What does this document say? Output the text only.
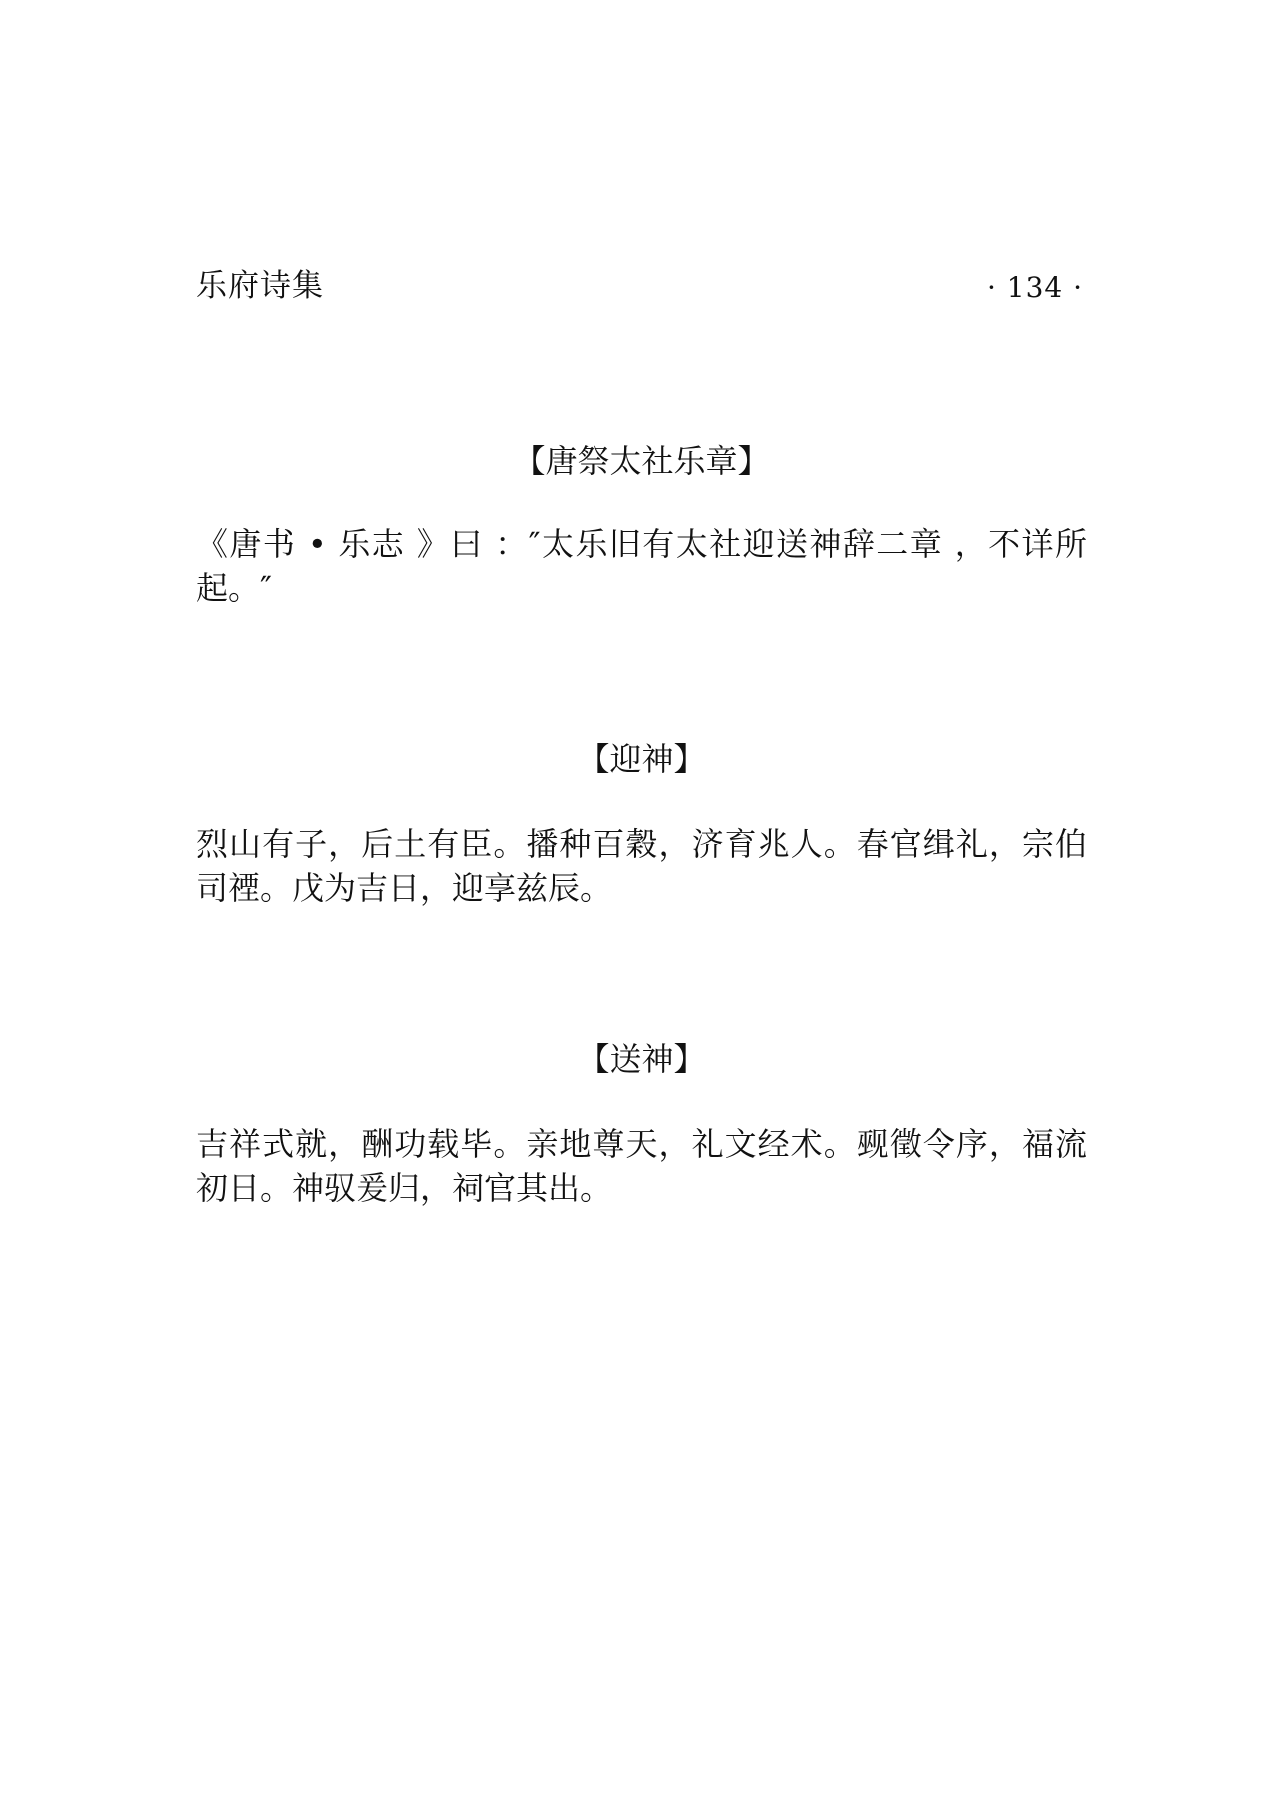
乐府诗集	· 134 ·
【唐祭太社乐章】
《唐书 • 乐志 》曰 ：″太乐旧有太社迎送神辞二章 ，不详所
起。″
【迎神】
烈山有子，后土有臣。播种百穀，济育兆人。春官缉礼，宗伯
司禋。戊为吉日，迎享兹辰。
【送神】
吉祥式就，酬功载毕。亲地尊天，礼文经术。觋徵令序，福流
初日。神驭爰归，祠官其出。
